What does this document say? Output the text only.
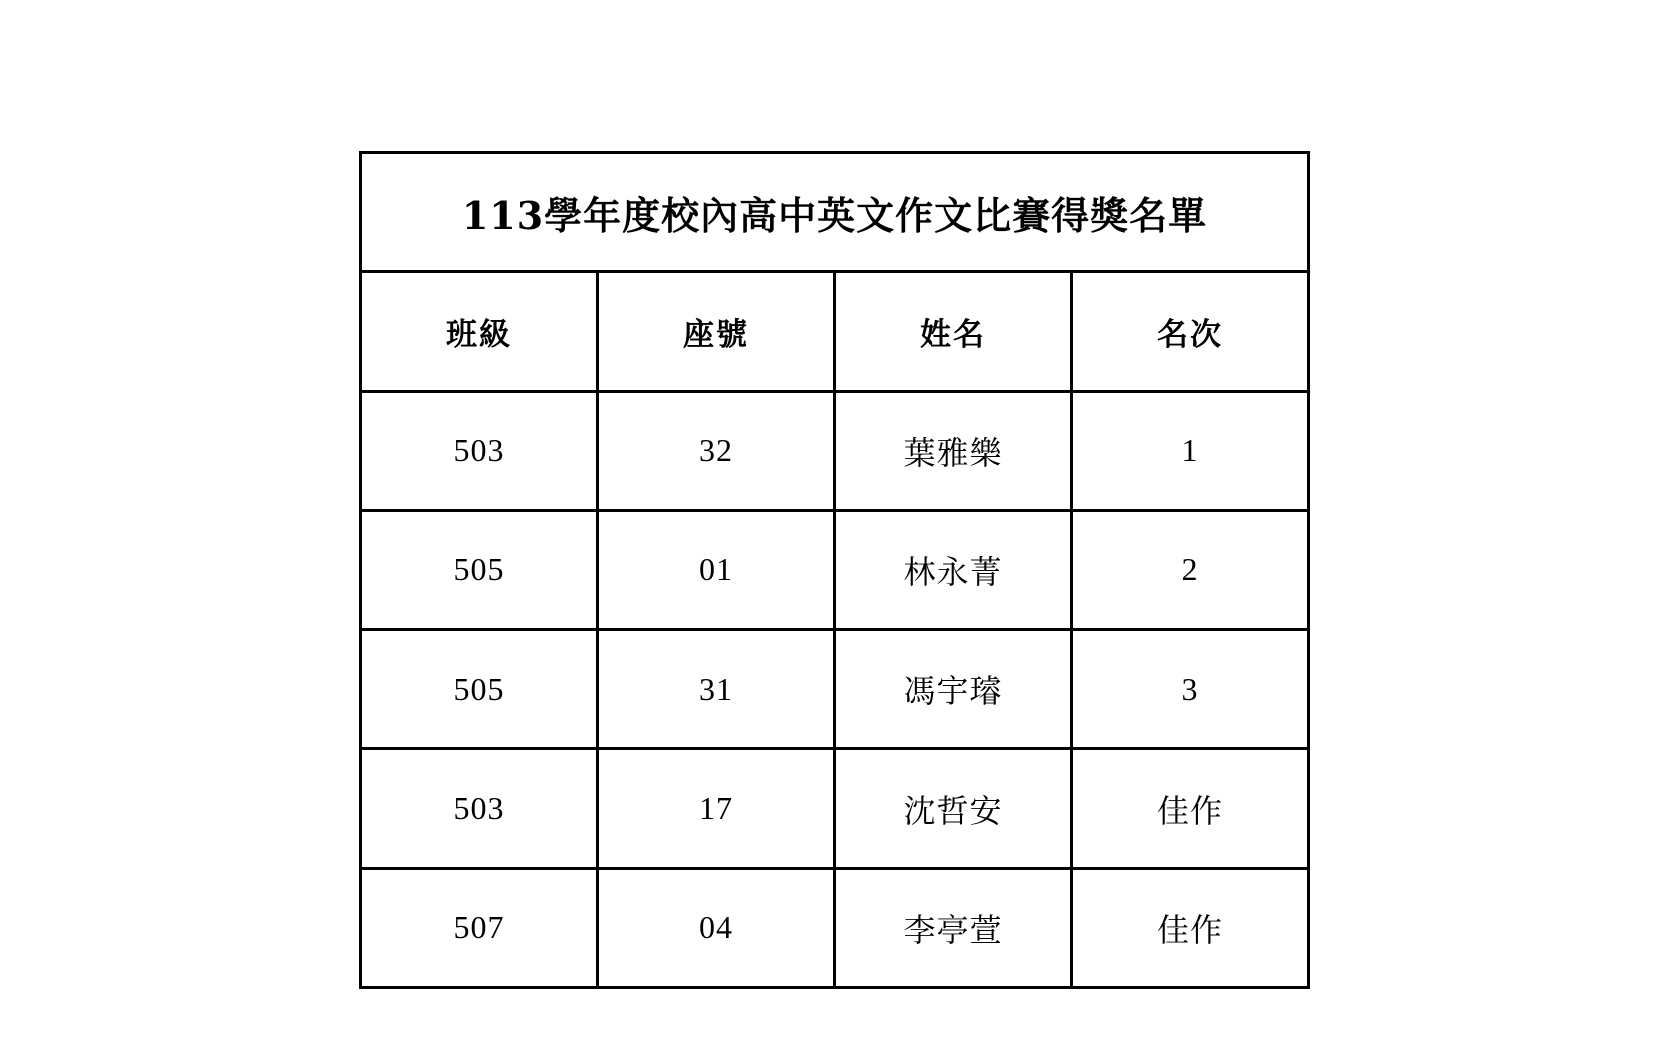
113學年度校內高中英文作文比賽得獎名單			
班級	座號	姓名	名次
503	32	葉雅樂	1
505	01	林永菁	2
505	31	馮宇璿	3
503	17	沈哲安	佳作
507	04	李亭萱	佳作
